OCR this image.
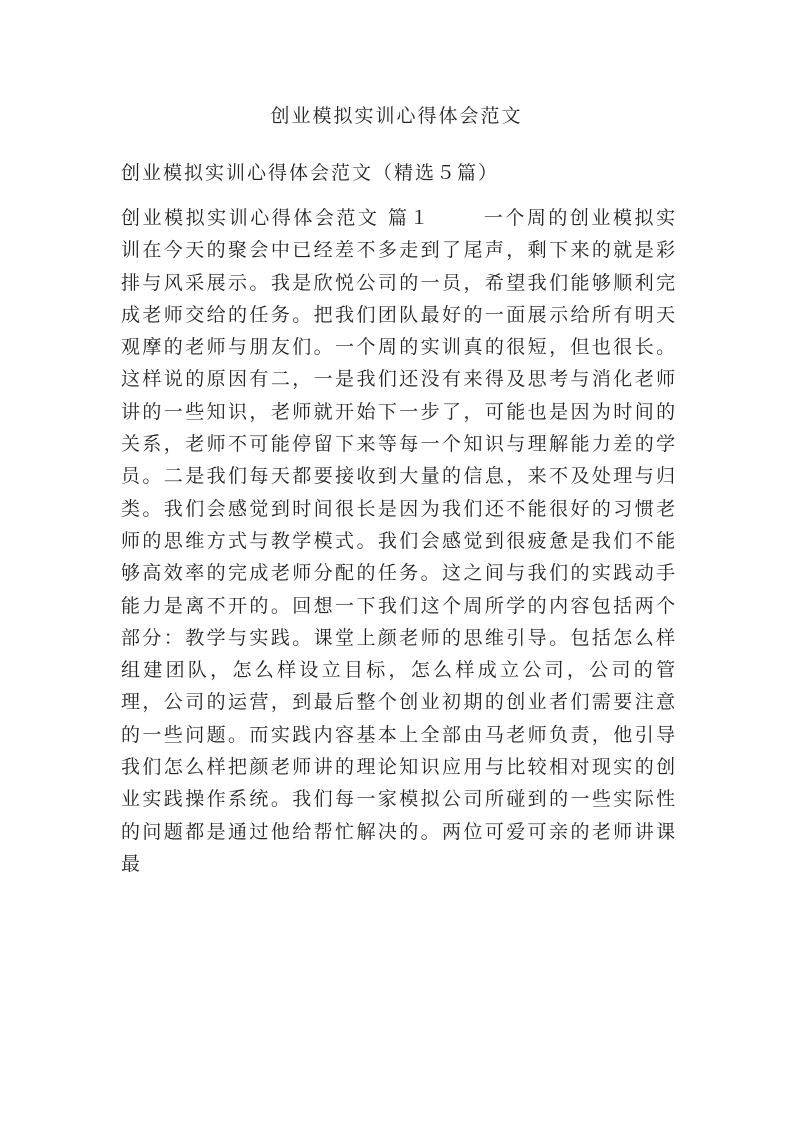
创业模拟实训心得体会范文
创业模拟实训心得体会范文（精选５篇）
创业模拟实训心得体会范文 篇１	一个周的创业模拟实训在今天的聚会中已经差不多走到了尾声，剩下来的就是彩排与风采展示。我是欣悦公司的一员，希望我们能够顺利完成老师交给的任务。把我们团队最好的一面展示给所有明天观摩的老师与朋友们。一个周的实训真的很短，但也很长。这样说的原因有二，一是我们还没有来得及思考与消化老师讲的一些知识，老师就开始下一步了，可能也是因为时间的关系，老师不可能停留下来等每一个知识与理解能力差的学员。二是我们每天都要接收到大量的信息，来不及处理与归类。我们会感觉到时间很长是因为我们还不能很好的习惯老师的思维方式与教学模式。我们会感觉到很疲惫是我们不能够高效率的完成老师分配的任务。这之间与我们的实践动手能力是离不开的。回想一下我们这个周所学的内容包括两个部分：教学与实践。课堂上颜老师的思维引导。包括怎么样组建团队，怎么样设立目标，怎么样成立公司，公司的管理，公司的运营，到最后整个创业初期的创业者们需要注意的一些问题。而实践内容基本上全部由马老师负责，他引导我们怎么样把颜老师讲的理论知识应用与比较相对现实的创业实践操作系统。我们每一家模拟公司所碰到的一些实际性的问题都是通过他给帮忙解决的。两位可爱可亲的老师讲课最
